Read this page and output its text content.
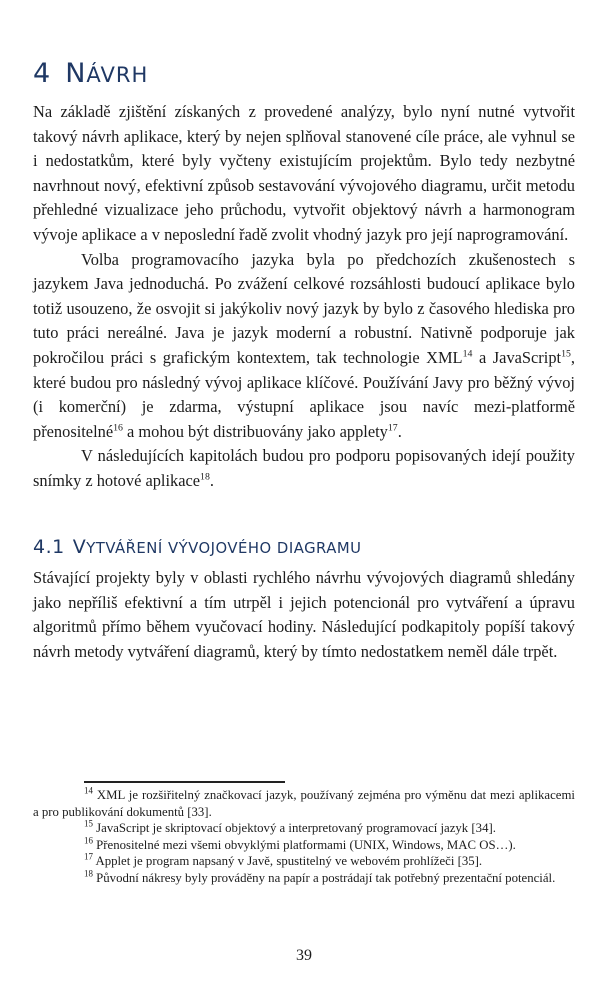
4 NÁVRH

Na základě zjištění získaných z provedené analýzy, bylo nyní nutné vytvořit takový návrh aplikace, který by nejen splňoval stanovené cíle práce, ale vyhnul se i nedostatkům, které byly vyčteny existujícím projektům. Bylo tedy nezbytné navrhnout nový, efektivní způsob sestavování vývojového diagramu, určit metodu přehledné vizualizace jeho průchodu, vytvořit objektový návrh a harmonogram vývoje aplikace a v neposlední řadě zvolit vhodný jazyk pro její naprogramování.

Volba programovacího jazyka byla po předchozích zkušenostech s jazykem Java jednoduchá. Po zvážení celkové rozsáhlosti budoucí aplikace bylo totiž usouzeno, že osvojit si jakýkoliv nový jazyk by bylo z časového hlediska pro tuto práci nereálné. Java je jazyk moderní a robustní. Nativně podporuje jak pokročilou práci s grafickým kontextem, tak technologie XML$^{14}$ a JavaScript$^{15}$, které budou pro následný vývoj aplikace klíčové. Používání Javy pro běžný vývoj (i komerční) je zdarma, výstupní aplikace jsou navíc mezi-platformě přenositelné$^{16}$ a mohou být distribuovány jako applety$^{17}$.

V následujících kapitolách budou pro podporu popisovaných idejí použity snímky z hotové aplikace$^{18}$.

4.1 VYTVÁŘENÍ VÝVOJOVÉHO DIAGRAMU

Stávající projekty byly v oblasti rychlého návrhu vývojových diagramů shledány jako nepříliš efektivní a tím utrpěl i jejich potencionál pro vytváření a úpravu algoritmů přímo během vyučovací hodiny. Následující podkapitoly popíší takový návrh metody vytváření diagramů, který by tímto nedostatkem neměl dále trpět.

$^{14}$ XML je rozšiřitelný značkovací jazyk, používaný zejména pro výměnu dat mezi aplikacemi a pro publikování dokumentů [33].

$^{15}$ JavaScript je skriptovací objektový a interpretovaný programovací jazyk [34].

$^{16}$ Přenositelné mezi všemi obvyklými platformami (UNIX, Windows, MAC OS…).

$^{17}$ Applet je program napsaný v Javě, spustitelný ve webovém prohlížeči [35].

$^{18}$ Původní nákresy byly prováděny na papír a postrádají tak potřebný prezentační potenciál.

39
